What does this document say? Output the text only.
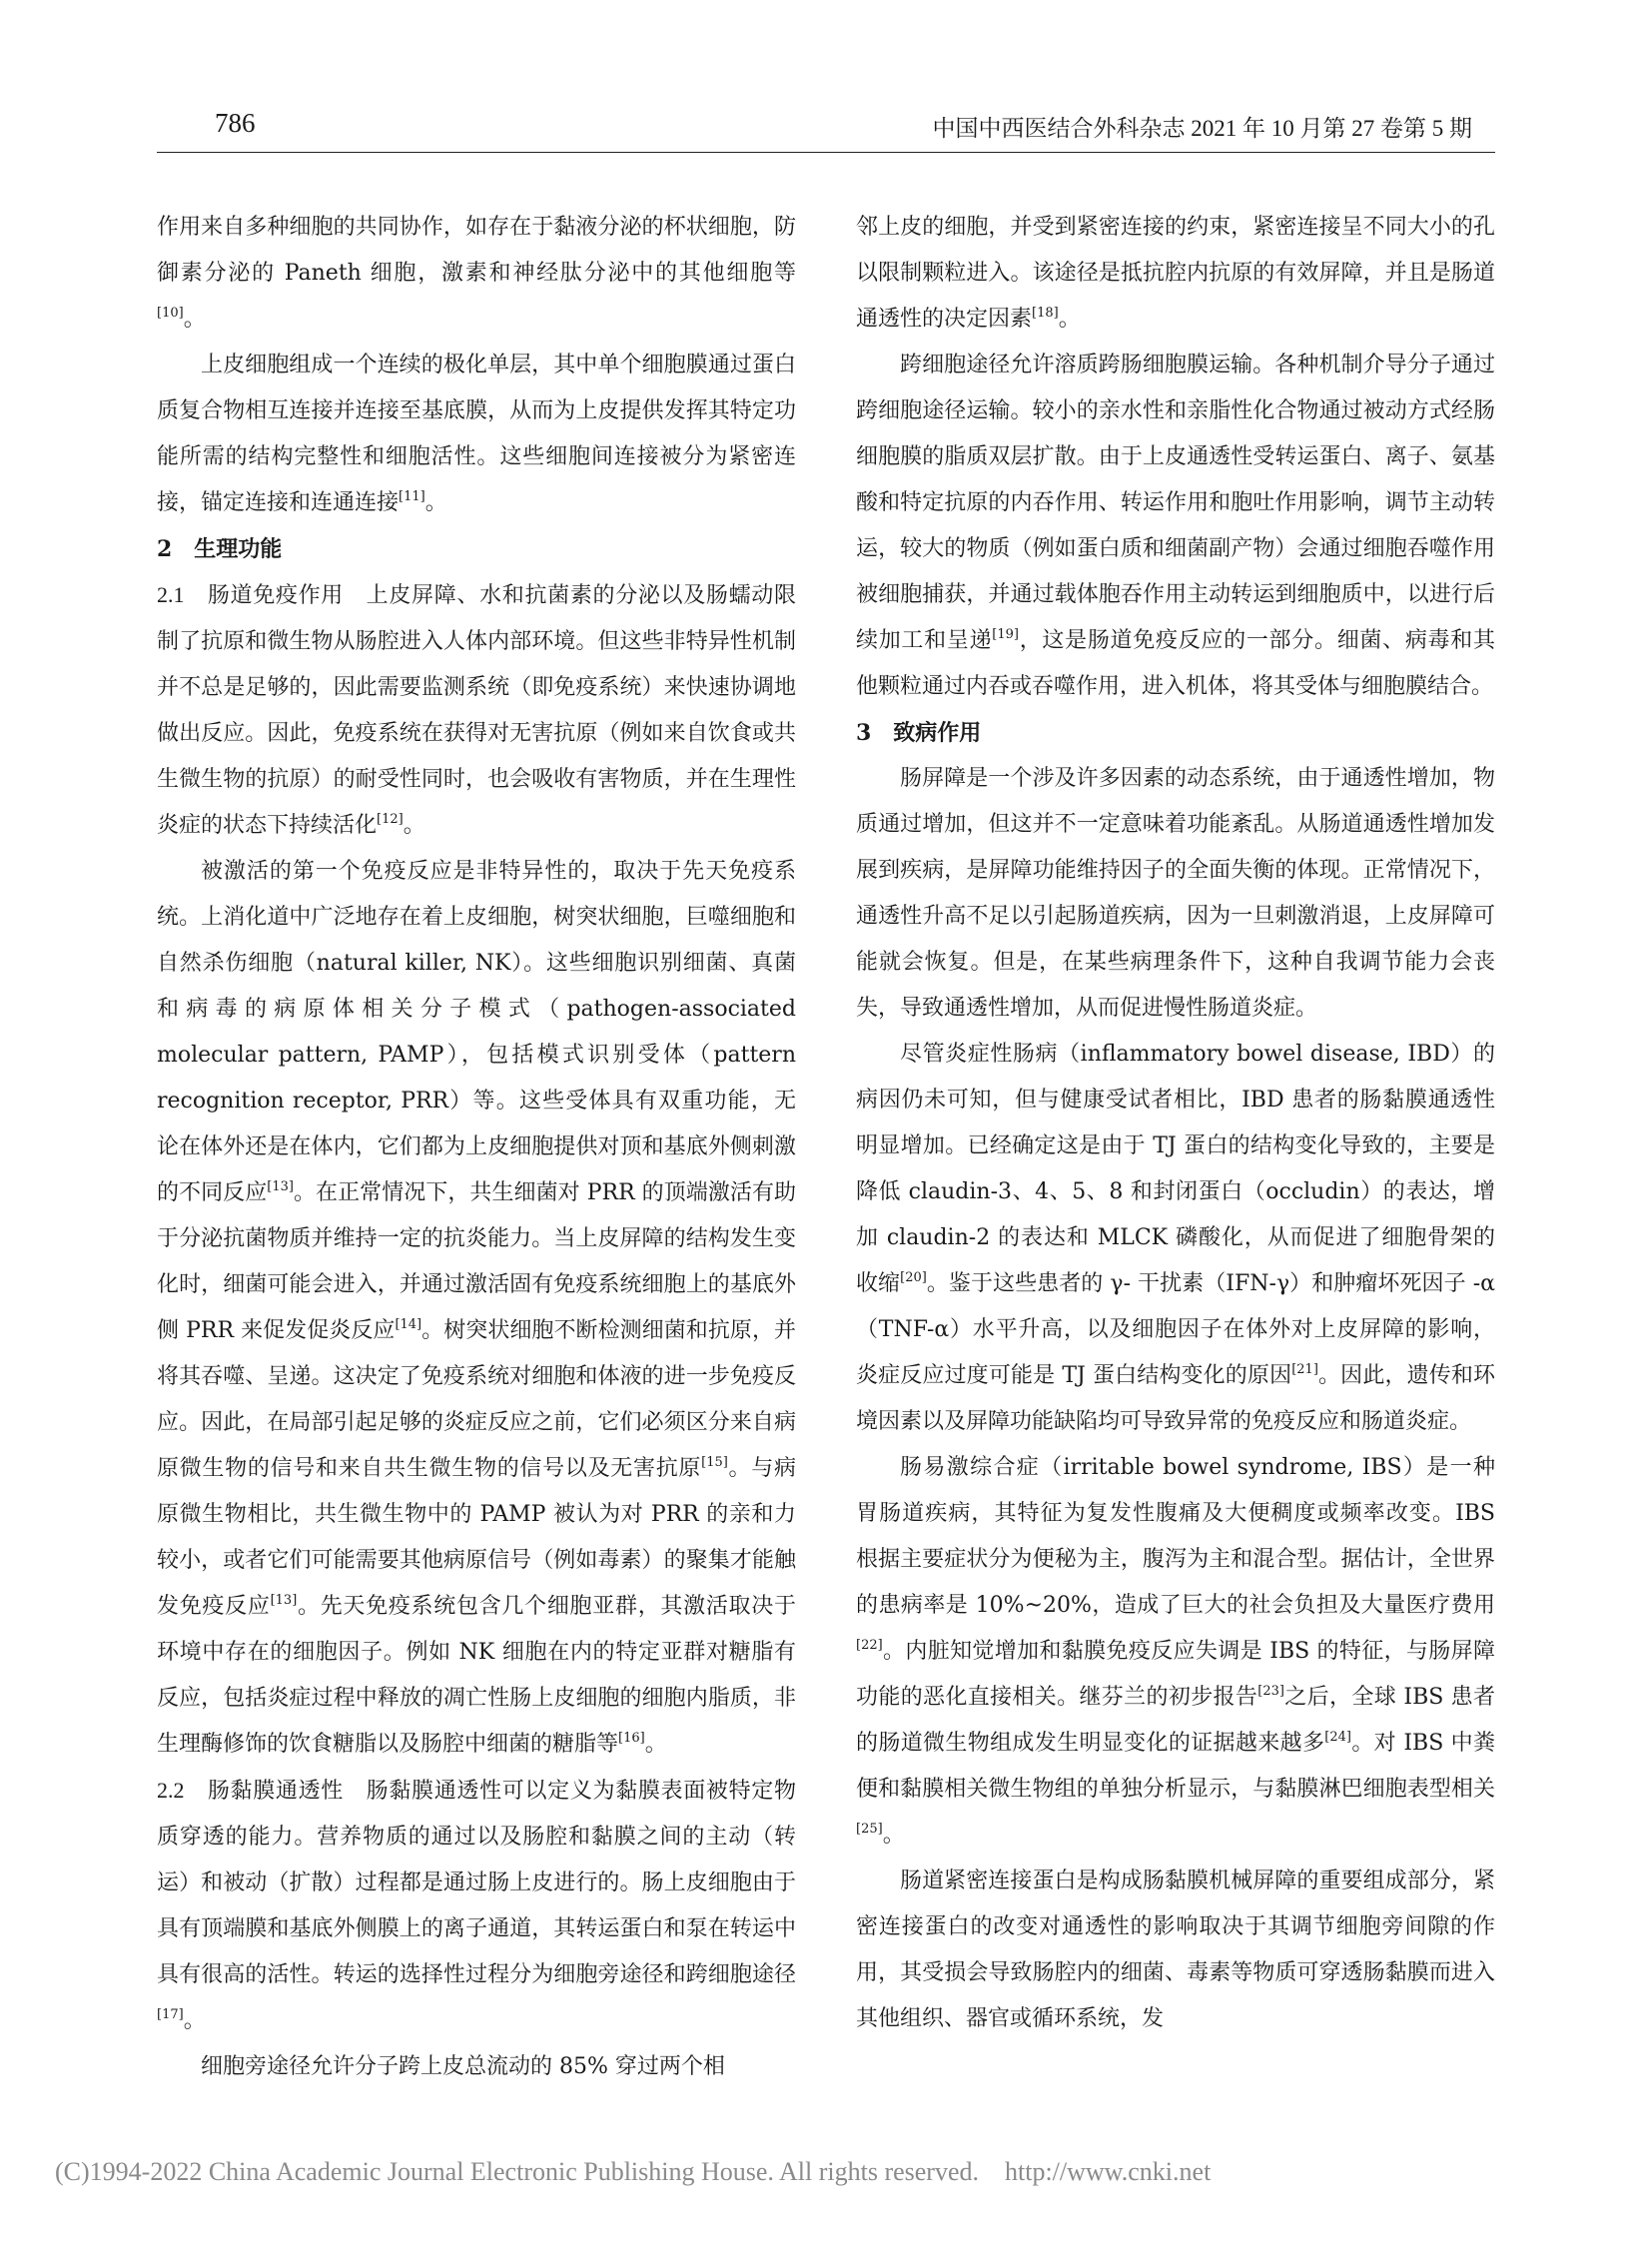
786	中国中西医结合外科杂志 2021 年 10 月第 27 卷第 5 期

作用来自多种细胞的共同协作，如存在于黏液分泌的杯状细胞，防御素分泌的 Paneth 细胞，激素和神经肽分泌中的其他细胞等[10]。

上皮细胞组成一个连续的极化单层，其中单个细胞膜通过蛋白质复合物相互连接并连接至基底膜，从而为上皮提供发挥其特定功能所需的结构完整性和细胞活性。这些细胞间连接被分为紧密连接，锚定连接和连通连接[11]。

2　生理功能

2.1　肠道免疫作用　上皮屏障、水和抗菌素的分泌以及肠蠕动限制了抗原和微生物从肠腔进入人体内部环境。但这些非特异性机制并不总是足够的，因此需要监测系统（即免疫系统）来快速协调地做出反应。因此，免疫系统在获得对无害抗原（例如来自饮食或共生微生物的抗原）的耐受性同时，也会吸收有害物质，并在生理性炎症的状态下持续活化[12]。

被激活的第一个免疫反应是非特异性的，取决于先天免疫系统。上消化道中广泛地存在着上皮细胞，树突状细胞，巨噬细胞和自然杀伤细胞（natural killer, NK）。这些细胞识别细菌、真菌和病毒的病原体相关分子模式（pathogen-associated molecular pattern, PAMP），包括模式识别受体（pattern recognition receptor, PRR）等。这些受体具有双重功能，无论在体外还是在体内，它们都为上皮细胞提供对顶和基底外侧刺激的不同反应[13]。在正常情况下，共生细菌对 PRR 的顶端激活有助于分泌抗菌物质并维持一定的抗炎能力。当上皮屏障的结构发生变化时，细菌可能会进入，并通过激活固有免疫系统细胞上的基底外侧 PRR 来促发促炎反应[14]。树突状细胞不断检测细菌和抗原，并将其吞噬、呈递。这决定了免疫系统对细胞和体液的进一步免疫反应。因此，在局部引起足够的炎症反应之前，它们必须区分来自病原微生物的信号和来自共生微生物的信号以及无害抗原[15]。与病原微生物相比，共生微生物中的 PAMP 被认为对 PRR 的亲和力较小，或者它们可能需要其他病原信号（例如毒素）的聚集才能触发免疫反应[13]。先天免疫系统包含几个细胞亚群，其激活取决于环境中存在的细胞因子。例如 NK 细胞在内的特定亚群对糖脂有反应，包括炎症过程中释放的凋亡性肠上皮细胞的细胞内脂质，非生理酶修饰的饮食糖脂以及肠腔中细菌的糖脂等[16]。

2.2　肠黏膜通透性　肠黏膜通透性可以定义为黏膜表面被特定物质穿透的能力。营养物质的通过以及肠腔和黏膜之间的主动（转运）和被动（扩散）过程都是通过肠上皮进行的。肠上皮细胞由于具有顶端膜和基底外侧膜上的离子通道，其转运蛋白和泵在转运中具有很高的活性。转运的选择性过程分为细胞旁途径和跨细胞途径[17]。

细胞旁途径允许分子跨上皮总流动的 85% 穿过两个相

邻上皮的细胞，并受到紧密连接的约束，紧密连接呈不同大小的孔以限制颗粒进入。该途径是抵抗腔内抗原的有效屏障，并且是肠道通透性的决定因素[18]。

跨细胞途径允许溶质跨肠细胞膜运输。各种机制介导分子通过跨细胞途径运输。较小的亲水性和亲脂性化合物通过被动方式经肠细胞膜的脂质双层扩散。由于上皮通透性受转运蛋白、离子、氨基酸和特定抗原的内吞作用、转运作用和胞吐作用影响，调节主动转运，较大的物质（例如蛋白质和细菌副产物）会通过细胞吞噬作用被细胞捕获，并通过载体胞吞作用主动转运到细胞质中，以进行后续加工和呈递[19]，这是肠道免疫反应的一部分。细菌、病毒和其他颗粒通过内吞或吞噬作用，进入机体，将其受体与细胞膜结合。

3　致病作用

肠屏障是一个涉及许多因素的动态系统，由于通透性增加，物质通过增加，但这并不一定意味着功能紊乱。从肠道通透性增加发展到疾病，是屏障功能维持因子的全面失衡的体现。正常情况下，通透性升高不足以引起肠道疾病，因为一旦刺激消退，上皮屏障可能就会恢复。但是，在某些病理条件下，这种自我调节能力会丧失，导致通透性增加，从而促进慢性肠道炎症。

尽管炎症性肠病（inflammatory bowel disease, IBD）的病因仍未可知，但与健康受试者相比，IBD 患者的肠黏膜通透性明显增加。已经确定这是由于 TJ 蛋白的结构变化导致的，主要是降低 claudin-3、4、5、8 和封闭蛋白（occludin）的表达，增加 claudin-2 的表达和 MLCK 磷酸化，从而促进了细胞骨架的收缩[20]。鉴于这些患者的 γ- 干扰素（IFN-γ）和肿瘤坏死因子 -α（TNF-α）水平升高，以及细胞因子在体外对上皮屏障的影响，炎症反应过度可能是 TJ 蛋白结构变化的原因[21]。因此，遗传和环境因素以及屏障功能缺陷均可导致异常的免疫反应和肠道炎症。

肠易激综合症（irritable bowel syndrome, IBS）是一种胃肠道疾病，其特征为复发性腹痛及大便稠度或频率改变。IBS 根据主要症状分为便秘为主，腹泻为主和混合型。据估计，全世界的患病率是 10%~20%，造成了巨大的社会负担及大量医疗费用[22]。内脏知觉增加和黏膜免疫反应失调是 IBS 的特征，与肠屏障功能的恶化直接相关。继芬兰的初步报告[23]之后，全球 IBS 患者的肠道微生物组成发生明显变化的证据越来越多[24]。对 IBS 中粪便和黏膜相关微生物组的单独分析显示，与黏膜淋巴细胞表型相关[25]。

肠道紧密连接蛋白是构成肠黏膜机械屏障的重要组成部分，紧密连接蛋白的改变对通透性的影响取决于其调节细胞旁间隙的作用，其受损会导致肠腔内的细菌、毒素等物质可穿透肠黏膜而进入其他组织、器官或循环系统，发

(C)1994-2022 China Academic Journal Electronic Publishing House. All rights reserved. http://www.cnki.net
